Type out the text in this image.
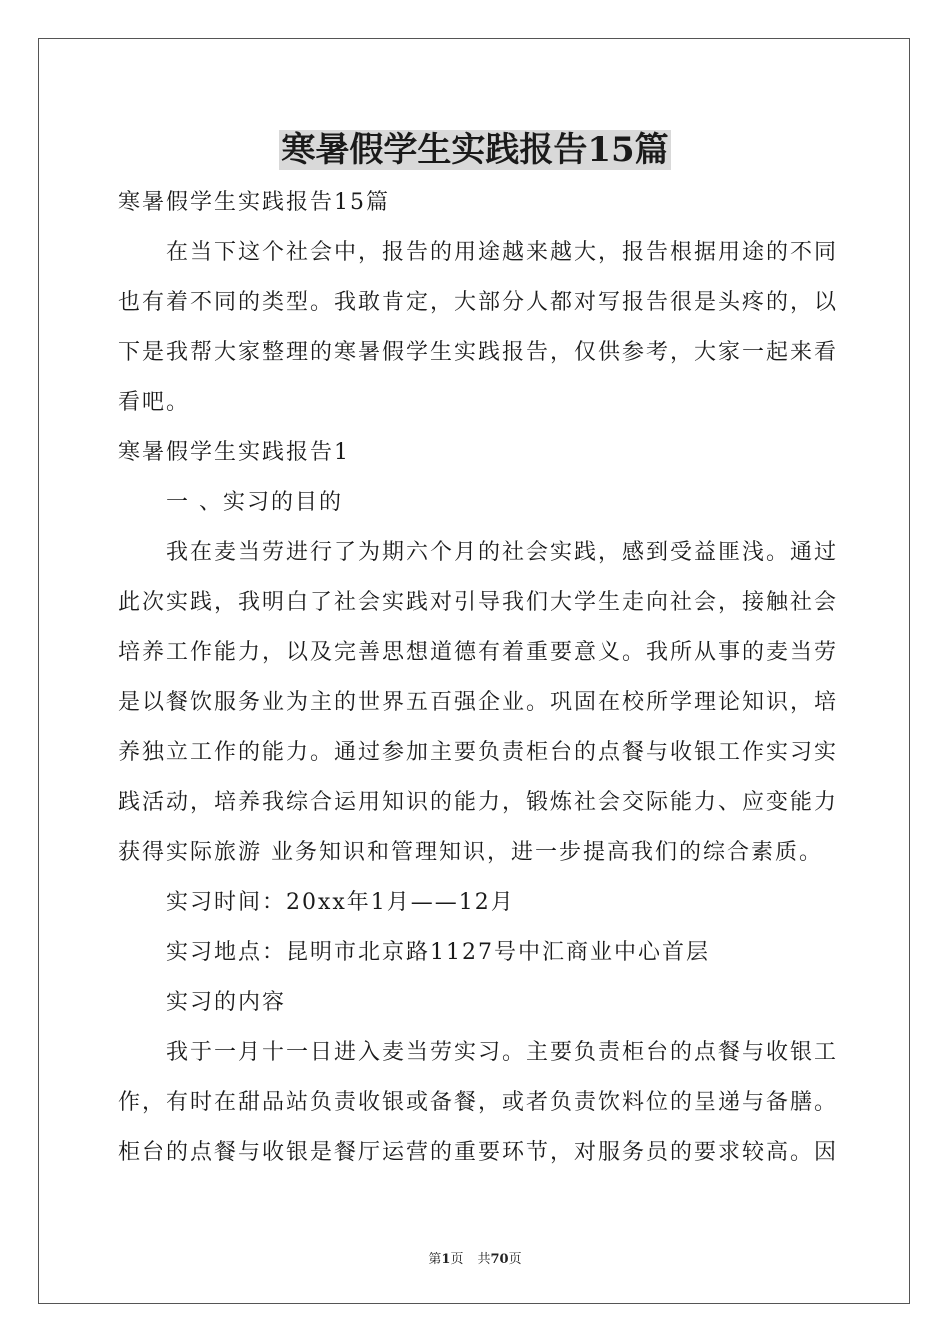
寒暑假学生实践报告15篇

寒暑假学生实践报告15篇

在当下这个社会中，报告的用途越来越大，报告根据用途的不同

也有着不同的类型。我敢肯定，大部分人都对写报告很是头疼的，以

下是我帮大家整理的寒暑假学生实践报告，仅供参考，大家一起来看

看吧。

寒暑假学生实践报告1

一 、实习的目的

我在麦当劳进行了为期六个月的社会实践，感到受益匪浅。通过

此次实践，我明白了社会实践对引导我们大学生走向社会，接触社会

培养工作能力，以及完善思想道德有着重要意义。我所从事的麦当劳

是以餐饮服务业为主的世界五百强企业。巩固在校所学理论知识，培

养独立工作的能力。通过参加主要负责柜台的点餐与收银工作实习实

践活动，培养我综合运用知识的能力，锻炼社会交际能力、应变能力

获得实际旅游 业务知识和管理知识，进一步提高我们的综合素质。

实习时间：20xx年1月——12月

实习地点：昆明市北京路1127号中汇商业中心首层

实习的内容

我于一月十一日进入麦当劳实习。主要负责柜台的点餐与收银工

作，有时在甜品站负责收银或备餐，或者负责饮料位的呈递与备膳。

柜台的点餐与收银是餐厅运营的重要环节，对服务员的要求较高。因

第1页 共70页
